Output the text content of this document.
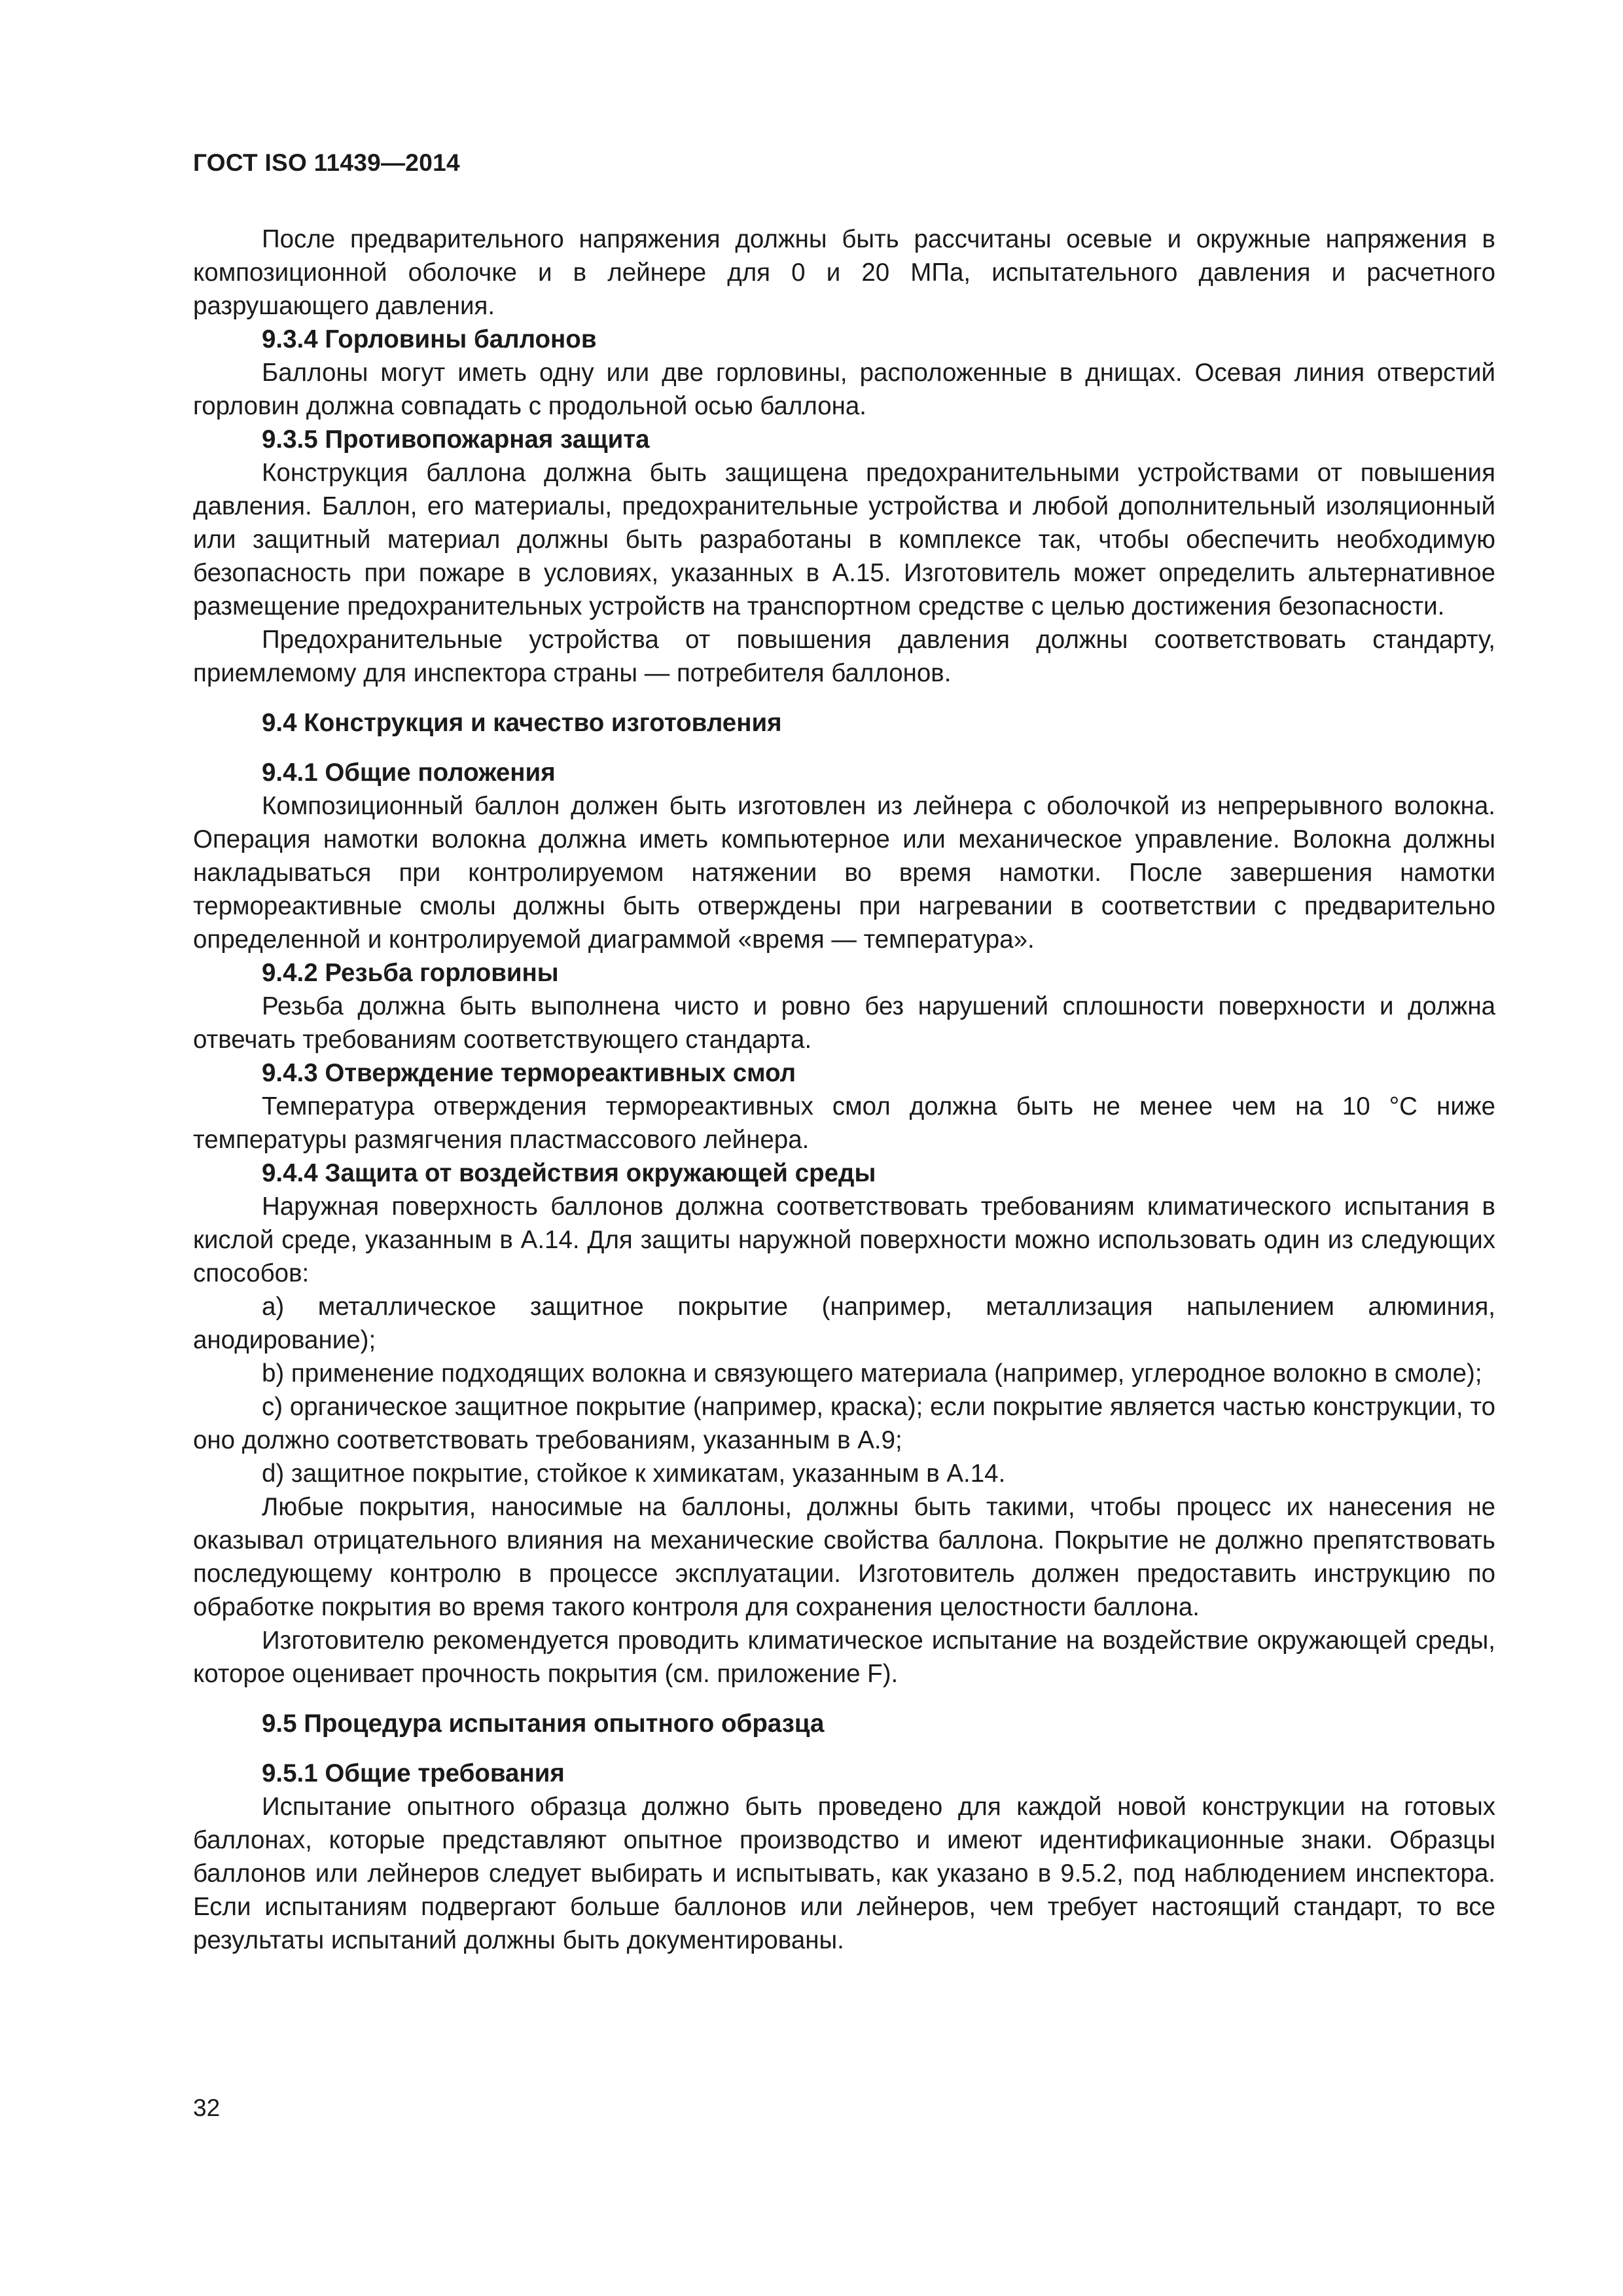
ГОСТ ISO 11439—2014

После предварительного напряжения должны быть рассчитаны осевые и окружные напряжения в композиционной оболочке и в лейнере для 0 и 20 МПа, испытательного давления и расчетного разрушающего давления.

9.3.4 Горловины баллонов

Баллоны могут иметь одну или две горловины, расположенные в днищах. Осевая линия отверстий горловин должна совпадать с продольной осью баллона.

9.3.5 Противопожарная защита

Конструкция баллона должна быть защищена предохранительными устройствами от повышения давления. Баллон, его материалы, предохранительные устройства и любой дополнительный изоляционный или защитный материал должны быть разработаны в комплексе так, чтобы обеспечить необходимую безопасность при пожаре в условиях, указанных в А.15. Изготовитель может определить альтернативное размещение предохранительных устройств на транспортном средстве с целью достижения безопасности.

Предохранительные устройства от повышения давления должны соответствовать стандарту, приемлемому для инспектора страны — потребителя баллонов.

9.4 Конструкция и качество изготовления
9.4.1 Общие положения

Композиционный баллон должен быть изготовлен из лейнера с оболочкой из непрерывного волокна. Операция намотки волокна должна иметь компьютерное или механическое управление. Волокна должны накладываться при контролируемом натяжении во время намотки. После завершения намотки термореактивные смолы должны быть отверждены при нагревании в соответствии с предварительно определенной и контролируемой диаграммой «время — температура».

9.4.2 Резьба горловины

Резьба должна быть выполнена чисто и ровно без нарушений сплошности поверхности и должна отвечать требованиям соответствующего стандарта.

9.4.3 Отверждение термореактивных смол

Температура отверждения термореактивных смол должна быть не менее чем на 10 °С ниже температуры размягчения пластмассового лейнера.

9.4.4 Защита от воздействия окружающей среды

Наружная поверхность баллонов должна соответствовать требованиям климатического испытания в кислой среде, указанным в А.14. Для защиты наружной поверхности можно использовать один из следующих способов:

a) металлическое защитное покрытие (например, металлизация напылением алюминия, анодирование);

b) применение подходящих волокна и связующего материала (например, углеродное волокно в смоле);

c) органическое защитное покрытие (например, краска); если покрытие является частью конструкции, то оно должно соответствовать требованиям, указанным в А.9;

d) защитное покрытие, стойкое к химикатам, указанным в А.14.

Любые покрытия, наносимые на баллоны, должны быть такими, чтобы процесс их нанесения не оказывал отрицательного влияния на механические свойства баллона. Покрытие не должно препятствовать последующему контролю в процессе эксплуатации. Изготовитель должен предоставить инструкцию по обработке покрытия во время такого контроля для сохранения целостности баллона.

Изготовителю рекомендуется проводить климатическое испытание на воздействие окружающей среды, которое оценивает прочность покрытия (см. приложение F).

9.5 Процедура испытания опытного образца
9.5.1 Общие требования

Испытание опытного образца должно быть проведено для каждой новой конструкции на готовых баллонах, которые представляют опытное производство и имеют идентификационные знаки. Образцы баллонов или лейнеров следует выбирать и испытывать, как указано в 9.5.2, под наблюдением инспектора. Если испытаниям подвергают больше баллонов или лейнеров, чем требует настоящий стандарт, то все результаты испытаний должны быть документированы.

32
